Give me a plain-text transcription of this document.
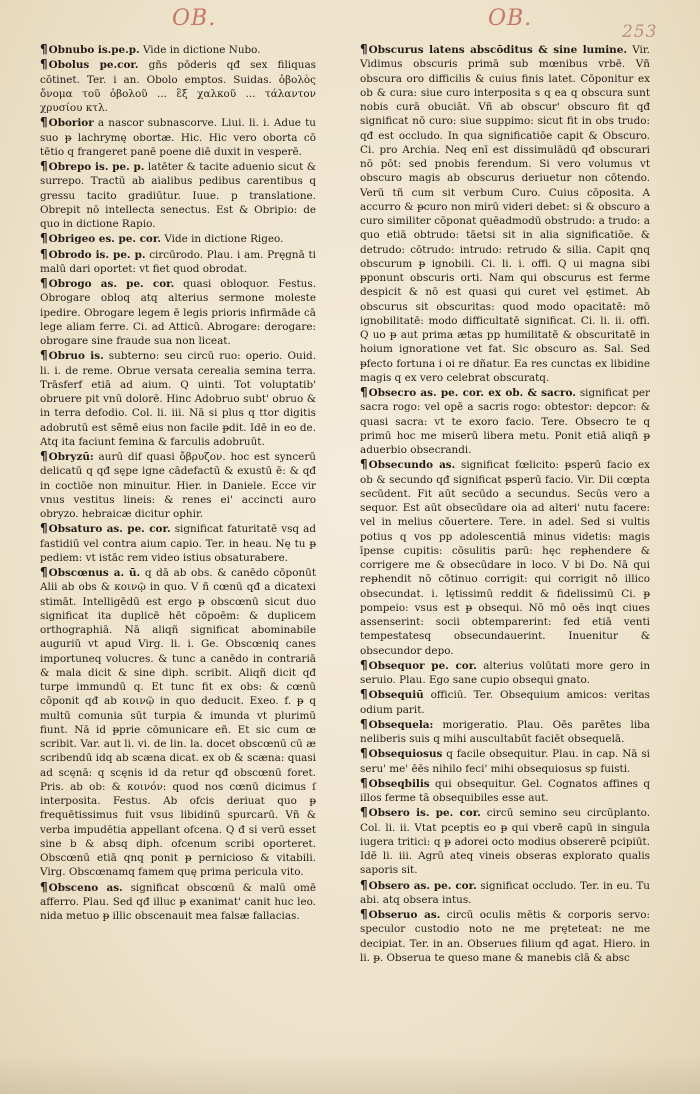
OB.	OB.
253

¶Obnubo is.pe.p. Vide in dictione Nubo.

¶Obolus pe.cor. gñs pōderis qđ sex filiquas cōtinet. Ter. i an. Obolo emptos. Suidas. ὀβολὸς ὄνομα τοῦ ὀβολοῦ ... ἓξ χαλκοῦ ... τάλαντον χρυσίου κτλ.

¶Oborior a nascor subnascorve. Liui. li. i. Adue tu suo ᵽ lachrymę obortæ. Hic. Hic vero oborta cō tētio q frangeret panē poene diē duxit in vesperē.

¶Obrepo is. pe. p. latēter & tacite aduenio sicut & surrepo. Tractū ab aialibus pedibus carentibus q gressu tacito gradiūtur. Iuue. p translatione. Obrepit nō intellecta senectus. Est & Obripio: de quo in dictione Rapio.

¶Obrigeo es. pe. cor. Vide in dictione Rigeo.

¶Obrodo is. pe. p. circūrodo. Plau. i am. Pręgnā ti malū dari oportet: vt fiet quod obrodat.

¶Obrogo as. pe. cor. quasi obloquor. Festus. Obrogare obloq atq alterius sermone moleste ipedire. Obrogare legem ē legis prioris infirmāde cā lege aliam ferre. Ci. ad Atticū. Abrogare: derogare: obrogare sine fraude sua non liceat.

¶Obruo is. subterno: seu circū ruo: operio. Ouid. li. i. de reme. Obrue versata cerealia semina terra. Trāsferf etiā ad aium. Q uinti. Tot voluptatib' obruere pit vnū dolorē. Hinc Adobruo subt' obruo & in terra defodio. Col. li. iii. Nā si plus q ttor digitis adobrutū est sēmē eius non facile ᵽdit. Idē in eo de. Atq ita faciunt femina & farculis adobruūt.

¶Obryzū: aurū dif quasi ὄβρυζον. hoc est syncerū delicatū q qđ sępe igne cādefactū & exustū ē: & qđ in coctiōe non minuitur. Hier. in Daniele. Ecce vir vnus vestitus lineis: & renes ei' accincti auro obryzo. hebraicæ dicitur ophir.

¶Obsaturo as. pe. cor. significat faturitatē vsq ad fastidiū vel contra aium capio. Ter. in heau. Nę tu ᵽ pediem: vt istāc rem video istius obsaturabere.

¶Obscœnus a. ū. q dā ab obs. & canēdo cōponūt Alii ab obs & κοινῷ in quo. V ñ cœnū qđ a dicatexi stimāt. Intelligēdū est ergo ᵽ obscœnū sicut duo significat ita duplicē hēt cōpoēm: & duplicem orthographiā. Nā aliqñ significat abominabile auguriū vt apud Virg. li. i. Ge. Obscœniq canes importuneq volucres. & tunc a canēdo in contrariā & mala dicit & sine diph. scribit. Aliqñ dicit qđ turpe immundū q. Et tunc fit ex obs: & cœnū cōponit qđ ab κοινῷ in quo deducit. Exeo. f. ᵽ q multū comunia sūt turpia & imunda vt plurimū fiunt. Nā id ᵽprie cōmunicare eñ. Et sic cum œ scribit. Var. aut li. vi. de lin. la. docet obscœnū cū æ scribendū idq ab scæna dicat. ex ob & scæna: quasi ad scęnā: q scęnis id da retur qđ obscœnū foret. Pris. ab ob: & κοινόν: quod nos cœnū dicimus ſ interposita. Festus. Ab ofcis deriuat quo ᵽ frequētissimus fuit vsus libidinū spurcarū. Vñ & verba impudētia appellant ofcena. Q đ si verū esset sine b & absq diph. ofcenum scribi oporteret. Obscœnū etiā qnq ponit ᵽ pernicioso & vitabili. Virg. Obscœnamq famem quę prima pericula vito.

¶Obsceno as. significat obscœnū & malū omē afferro. Plau. Sed qđ illuc ᵽ exanimat' canit huc leo. nida metuo ᵽ illic obscenauit mea falsæ fallacias.

¶Obscurus latens abscōditus & sine lumine. Vir. Vidimus obscuris primā sub mœnibus vrbē. Vñ obscura oro difficilis & cuius finis latet. Cōponitur ex ob & cura: siue curo interposita s q ea q obscura sunt nobis curā obuciāt. Vñ ab obscur' obscuro fit qđ significat nō curo: siue suppimo: sicut fit in obs trudo: qđ est occludo. In qua significatiōe capit & Obscuro. Ci. pro Archia. Neq enī est dissimulādū qđ obscurari nō pōt: sed pnobis ferendum. Si vero volumus vt obscuro magis ab obscurus deriuetur non cōtendo. Verū tñ cum sit verbum Curo. Cuius cōposita. A accurro & ᵽcuro non mirū videri debet: si & obscuro a curo similiter cōponat quēadmodū obstrudo: a trudo: a quo etiā obtrudo: tāetsi sit in alia significatiōe. & detrudo: cōtrudo: intrudo: retrudo & silia. Capit qnq obscurum ᵽ ignobili. Ci. li. i. offi. Q ui magna sibi ᵽponunt obscuris orti. Nam qui obscurus est ferme despicit & nō est quasi qui curet vel ęstimet. Ab obscurus sit obscuritas: quod modo opacitatē: mō ignobilitatē: modo difficultatē significat. Ci. li. ii. offi. Q uo ᵽ aut prima ætas pp humilitatē & obscuritatē in hoium ignoratione vet fat. Sic obscuro as. Sal. Sed ᵽfecto fortuna i oi re dñatur. Ea res cunctas ex libidine magis q ex vero celebrat obscuratq.

¶Obsecro as. pe. cor. ex ob. & sacro. significat per sacra rogo: vel opē a sacris rogo: obtestor: depcor: & quasi sacra: vt te exoro facio. Tere. Obsecro te q primū hoc me miserū libera metu. Ponit etiā aliqñ ᵽ aduerbio obsecrandi.

¶Obsecundo as. significat fœlicito: ᵽsperū facio ex ob & secundo qđ significat ᵽsperū facio. Vir. Dii cœpta secūdent. Fit aūt secūdo a secundus. Secūs vero a sequor. Est aūt obsecūdare oia ad alteri' nutu facere: vel in melius cōuertere. Tere. in adel. Sed si vultis potius q vos pp adolescentiā minus videtis: magis īpense cupitis: cōsulitis parū: hęc reᵽhendere & corrigere me & obsecūdare in loco. V bi Do. Nā qui reᵽhendit nō cōtinuo corrigit: qui corrigit nō illico obsecundat. i. lętissimū reddit & fidelissimū Ci. ᵽ pompeio: vsus est ᵽ obsequi. Nō mō oēs inqt ciues assenserint: socii obtemparerint: fed etiā venti tempestatesq obsecundauerint. Inuenitur & obsecundor depo.

¶Obsequor pe. cor. alterius volūtati more gero in seruio. Plau. Ego sane cupio obsequi gnato.

¶Obsequiū officiū. Ter. Obsequium amicos: veritas odium parit.

¶Obsequela: morigeratio. Plau. Oēs parētes liba neliberis suis q mihi auscultabūt faciēt obsequelā.

¶Obsequiosus q facile obsequitur. Plau. in cap. Nā si seru' me' ēēs nihilo feci' mihi obsequiosus sp fuisti.

¶Obseqbilis qui obsequitur. Gel. Cognatos affines q illos ferme tā obsequibiles esse aut.

¶Obsero is. pe. cor. circū semino seu circūplanto. Col. li. ii. Vtat pceptis eo ᵽ qui vberē capū in singula iugera tritici: q ᵽ adorei octo modius obsererē pcipiūt. Idē li. iii. Agrū ateq vineis obseras explorato qualis saporis sit.

¶Obsero as. pe. cor. significat occludo. Ter. in eu. Tu abi. atq obsera intus.

¶Obseruo as. circū oculis mētis & corporis servo: speculor custodio noto ne me pręteteat: ne me decipiat. Ter. in an. Obserues filium qđ agat. Hiero. in li. ᵽ. Obserua te queso mane & manebis clā & absc
